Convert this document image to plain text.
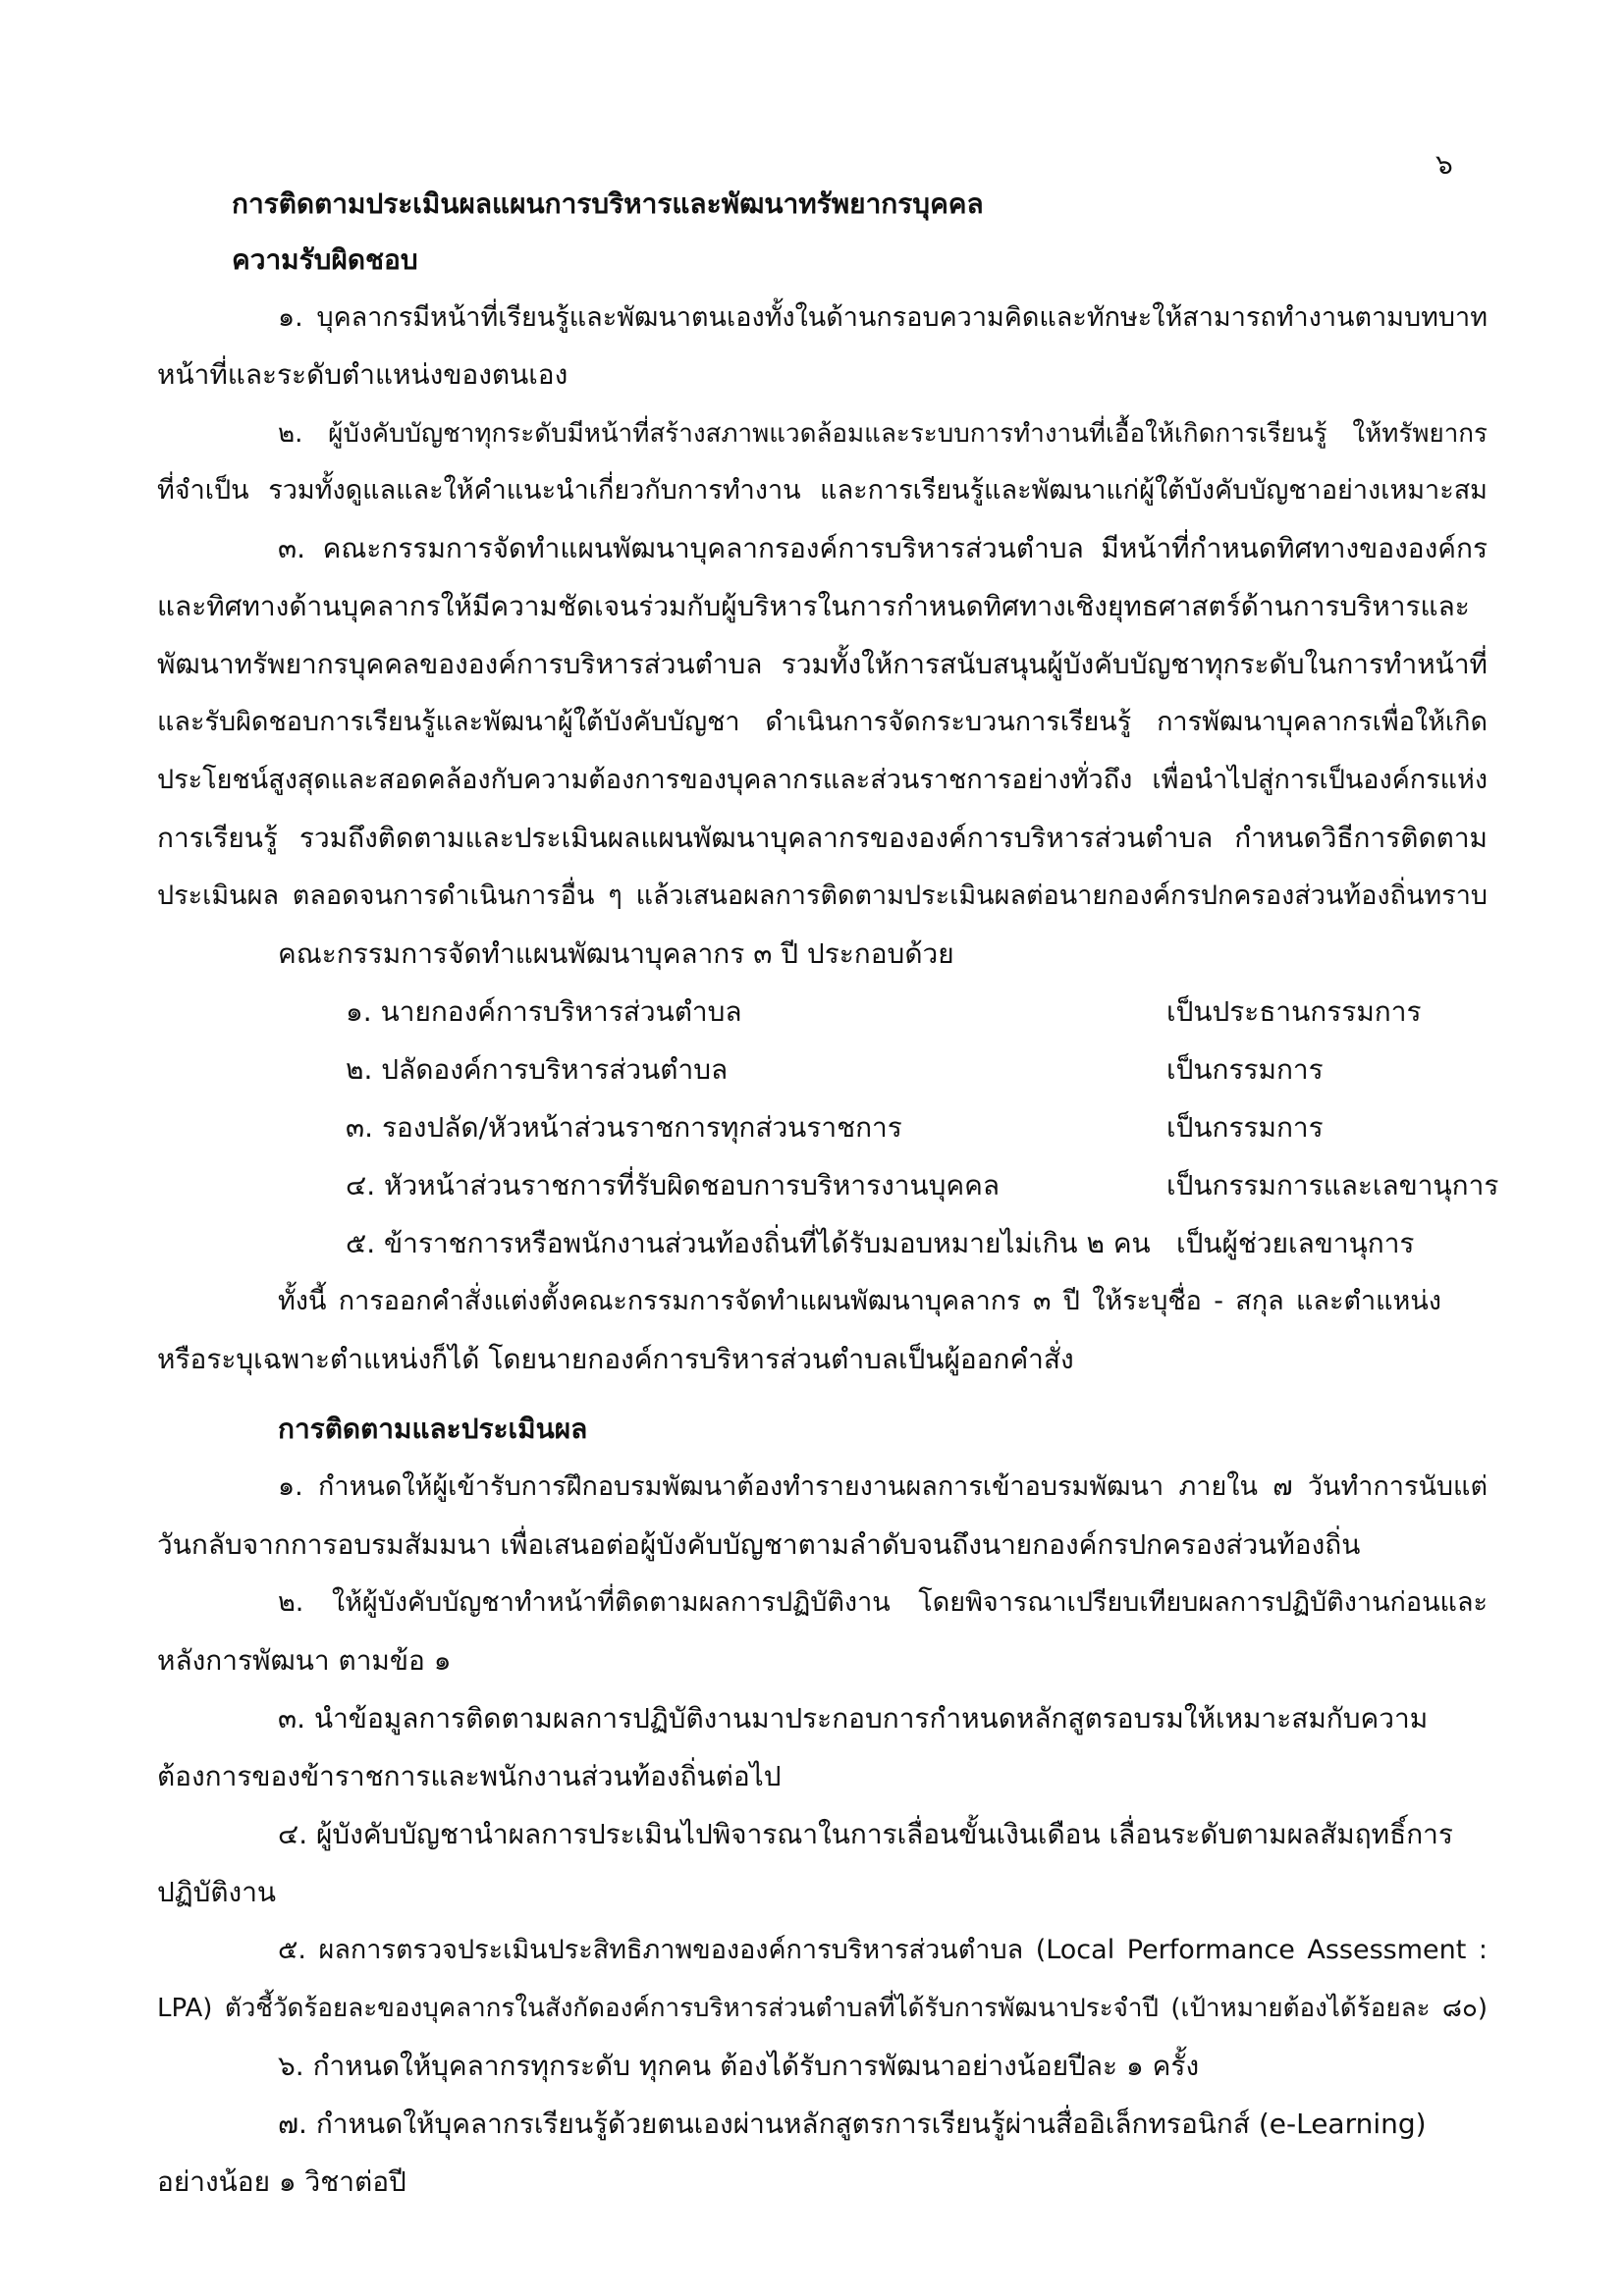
๖
การติดตามประเมินผลแผนการบริหารและพัฒนาทรัพยากรบุคคล
ความรับผิดชอบ
๑. บุคลากรมีหน้าที่เรียนรู้และพัฒนาตนเองทั้งในด้านกรอบความคิดและทักษะให้สามารถทำงานตามบทบาท
หน้าที่และระดับตำแหน่งของตนเอง
๒. ผู้บังคับบัญชาทุกระดับมีหน้าที่สร้างสภาพแวดล้อมและระบบการทำงานที่เอื้อให้เกิดการเรียนรู้ ให้ทรัพยากร
ที่จำเป็น รวมทั้งดูแลและให้คำแนะนำเกี่ยวกับการทำงาน และการเรียนรู้และพัฒนาแก่ผู้ใต้บังคับบัญชาอย่างเหมาะสม
๓. คณะกรรมการจัดทำแผนพัฒนาบุคลากรองค์การบริหารส่วนตำบล มีหน้าที่กำหนดทิศทางขององค์กร
และทิศทางด้านบุคลากรให้มีความชัดเจนร่วมกับผู้บริหารในการกำหนดทิศทางเชิงยุทธศาสตร์ด้านการบริหารและ
พัฒนาทรัพยากรบุคคลขององค์การบริหารส่วนตำบล รวมทั้งให้การสนับสนุนผู้บังคับบัญชาทุกระดับในการทำหน้าที่
และรับผิดชอบการเรียนรู้และพัฒนาผู้ใต้บังคับบัญชา ดำเนินการจัดกระบวนการเรียนรู้ การพัฒนาบุคลากรเพื่อให้เกิด
ประโยชน์สูงสุดและสอดคล้องกับความต้องการของบุคลากรและส่วนราชการอย่างทั่วถึง เพื่อนำไปสู่การเป็นองค์กรแห่ง
การเรียนรู้ รวมถึงติดตามและประเมินผลแผนพัฒนาบุคลากรขององค์การบริหารส่วนตำบล กำหนดวิธีการติดตาม
ประเมินผล ตลอดจนการดำเนินการอื่น ๆ แล้วเสนอผลการติดตามประเมินผลต่อนายกองค์กรปกครองส่วนท้องถิ่นทราบ
คณะกรรมการจัดทำแผนพัฒนาบุคลากร ๓ ปี ประกอบด้วย
๑. นายกองค์การบริหารส่วนตำบล	เป็นประธานกรรมการ
๒. ปลัดองค์การบริหารส่วนตำบล	เป็นกรรมการ
๓. รองปลัด/หัวหน้าส่วนราชการทุกส่วนราชการ	เป็นกรรมการ
๔. หัวหน้าส่วนราชการที่รับผิดชอบการบริหารงานบุคคล	เป็นกรรมการและเลขานุการ
๕. ข้าราชการหรือพนักงานส่วนท้องถิ่นที่ได้รับมอบหมายไม่เกิน ๒ คน เป็นผู้ช่วยเลขานุการ
ทั้งนี้ การออกคำสั่งแต่งตั้งคณะกรรมการจัดทำแผนพัฒนาบุคลากร ๓ ปี ให้ระบุชื่อ - สกุล และตำแหน่ง
หรือระบุเฉพาะตำแหน่งก็ได้ โดยนายกองค์การบริหารส่วนตำบลเป็นผู้ออกคำสั่ง
การติดตามและประเมินผล
๑. กำหนดให้ผู้เข้ารับการฝึกอบรมพัฒนาต้องทำรายงานผลการเข้าอบรมพัฒนา ภายใน ๗ วันทำการนับแต่
วันกลับจากการอบรมสัมมนา เพื่อเสนอต่อผู้บังคับบัญชาตามลำดับจนถึงนายกองค์กรปกครองส่วนท้องถิ่น
๒. ให้ผู้บังคับบัญชาทำหน้าที่ติดตามผลการปฏิบัติงาน โดยพิจารณาเปรียบเทียบผลการปฏิบัติงานก่อนและ
หลังการพัฒนา ตามข้อ ๑
๓. นำข้อมูลการติดตามผลการปฏิบัติงานมาประกอบการกำหนดหลักสูตรอบรมให้เหมาะสมกับความ
ต้องการของข้าราชการและพนักงานส่วนท้องถิ่นต่อไป
๔. ผู้บังคับบัญชานำผลการประเมินไปพิจารณาในการเลื่อนขั้นเงินเดือน เลื่อนระดับตามผลสัมฤทธิ์การ
ปฏิบัติงาน
๕. ผลการตรวจประเมินประสิทธิภาพขององค์การบริหารส่วนตำบล (Local Performance Assessment :
LPA) ตัวชี้วัดร้อยละของบุคลากรในสังกัดองค์การบริหารส่วนตำบลที่ได้รับการพัฒนาประจำปี (เป้าหมายต้องได้ร้อยละ ๘๐)
๖. กำหนดให้บุคลากรทุกระดับ ทุกคน ต้องได้รับการพัฒนาอย่างน้อยปีละ ๑ ครั้ง
๗. กำหนดให้บุคลากรเรียนรู้ด้วยตนเองผ่านหลักสูตรการเรียนรู้ผ่านสื่ออิเล็กทรอนิกส์ (e-Learning)
อย่างน้อย ๑ วิชาต่อปี
